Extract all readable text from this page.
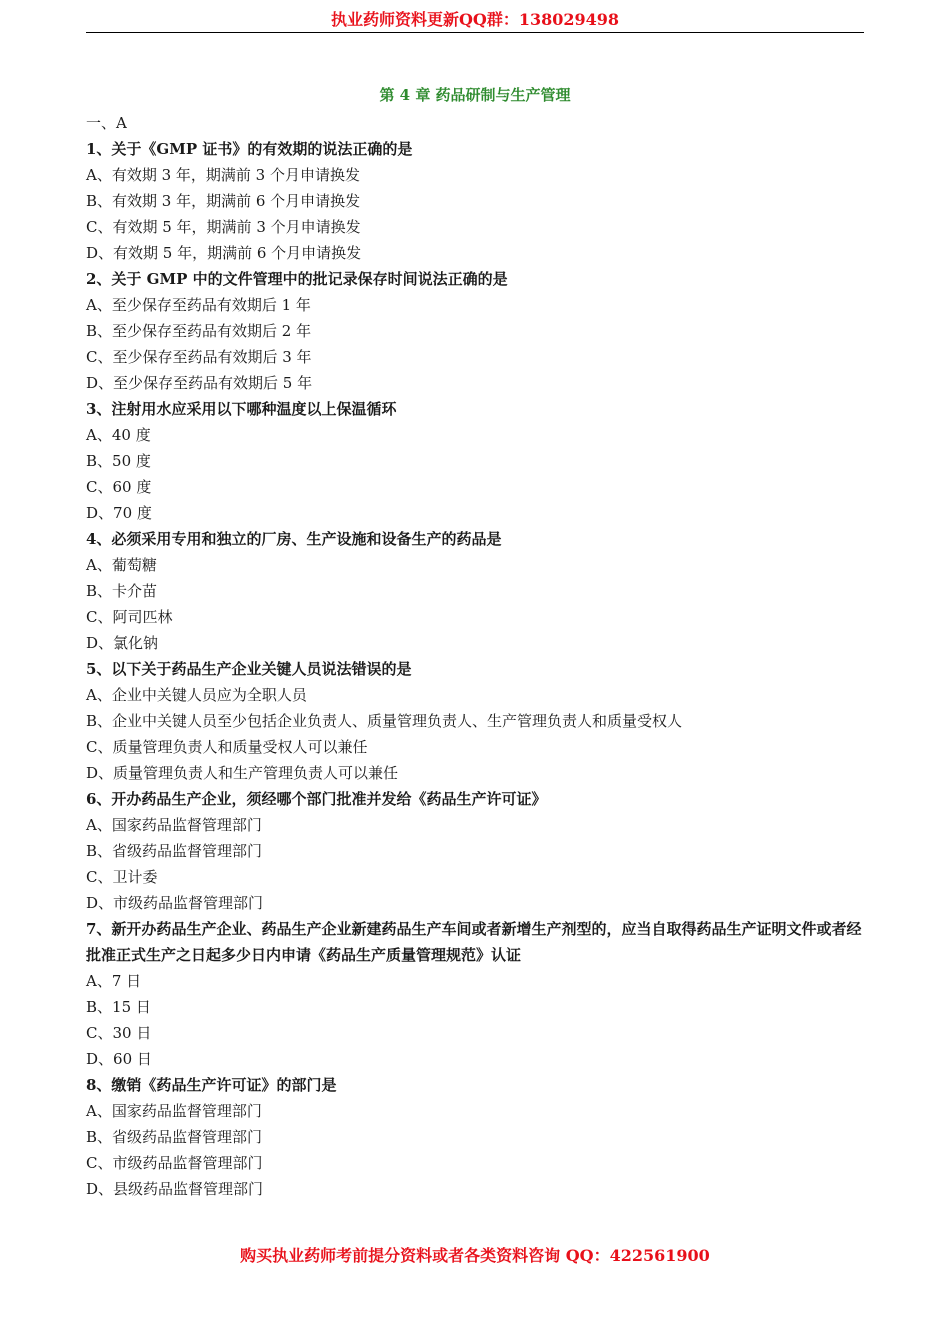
执业药师资料更新QQ群：138029498
第 4 章 药品研制与生产管理
一、A
1、关于《GMP 证书》的有效期的说法正确的是
A、有效期 3 年，期满前 3 个月申请换发
B、有效期 3 年，期满前 6 个月申请换发
C、有效期 5 年，期满前 3 个月申请换发
D、有效期 5 年，期满前 6 个月申请换发
2、关于 GMP 中的文件管理中的批记录保存时间说法正确的是
A、至少保存至药品有效期后 1 年
B、至少保存至药品有效期后 2 年
C、至少保存至药品有效期后 3 年
D、至少保存至药品有效期后 5 年
3、注射用水应采用以下哪种温度以上保温循环
A、40 度
B、50 度
C、60 度
D、70 度
4、必须采用专用和独立的厂房、生产设施和设备生产的药品是
A、葡萄糖
B、卡介苗
C、阿司匹林
D、氯化钠
5、以下关于药品生产企业关键人员说法错误的是
A、企业中关键人员应为全职人员
B、企业中关键人员至少包括企业负责人、质量管理负责人、生产管理负责人和质量受权人
C、质量管理负责人和质量受权人可以兼任
D、质量管理负责人和生产管理负责人可以兼任
6、开办药品生产企业，须经哪个部门批准并发给《药品生产许可证》
A、国家药品监督管理部门
B、省级药品监督管理部门
C、卫计委
D、市级药品监督管理部门
7、新开办药品生产企业、药品生产企业新建药品生产车间或者新增生产剂型的，应当自取得药品生产证明文件或者经批准正式生产之日起多少日内申请《药品生产质量管理规范》认证
A、7 日
B、15 日
C、30 日
D、60 日
8、缴销《药品生产许可证》的部门是
A、国家药品监督管理部门
B、省级药品监督管理部门
C、市级药品监督管理部门
D、县级药品监督管理部门
购买执业药师考前提分资料或者各类资料咨询 QQ：422561900
